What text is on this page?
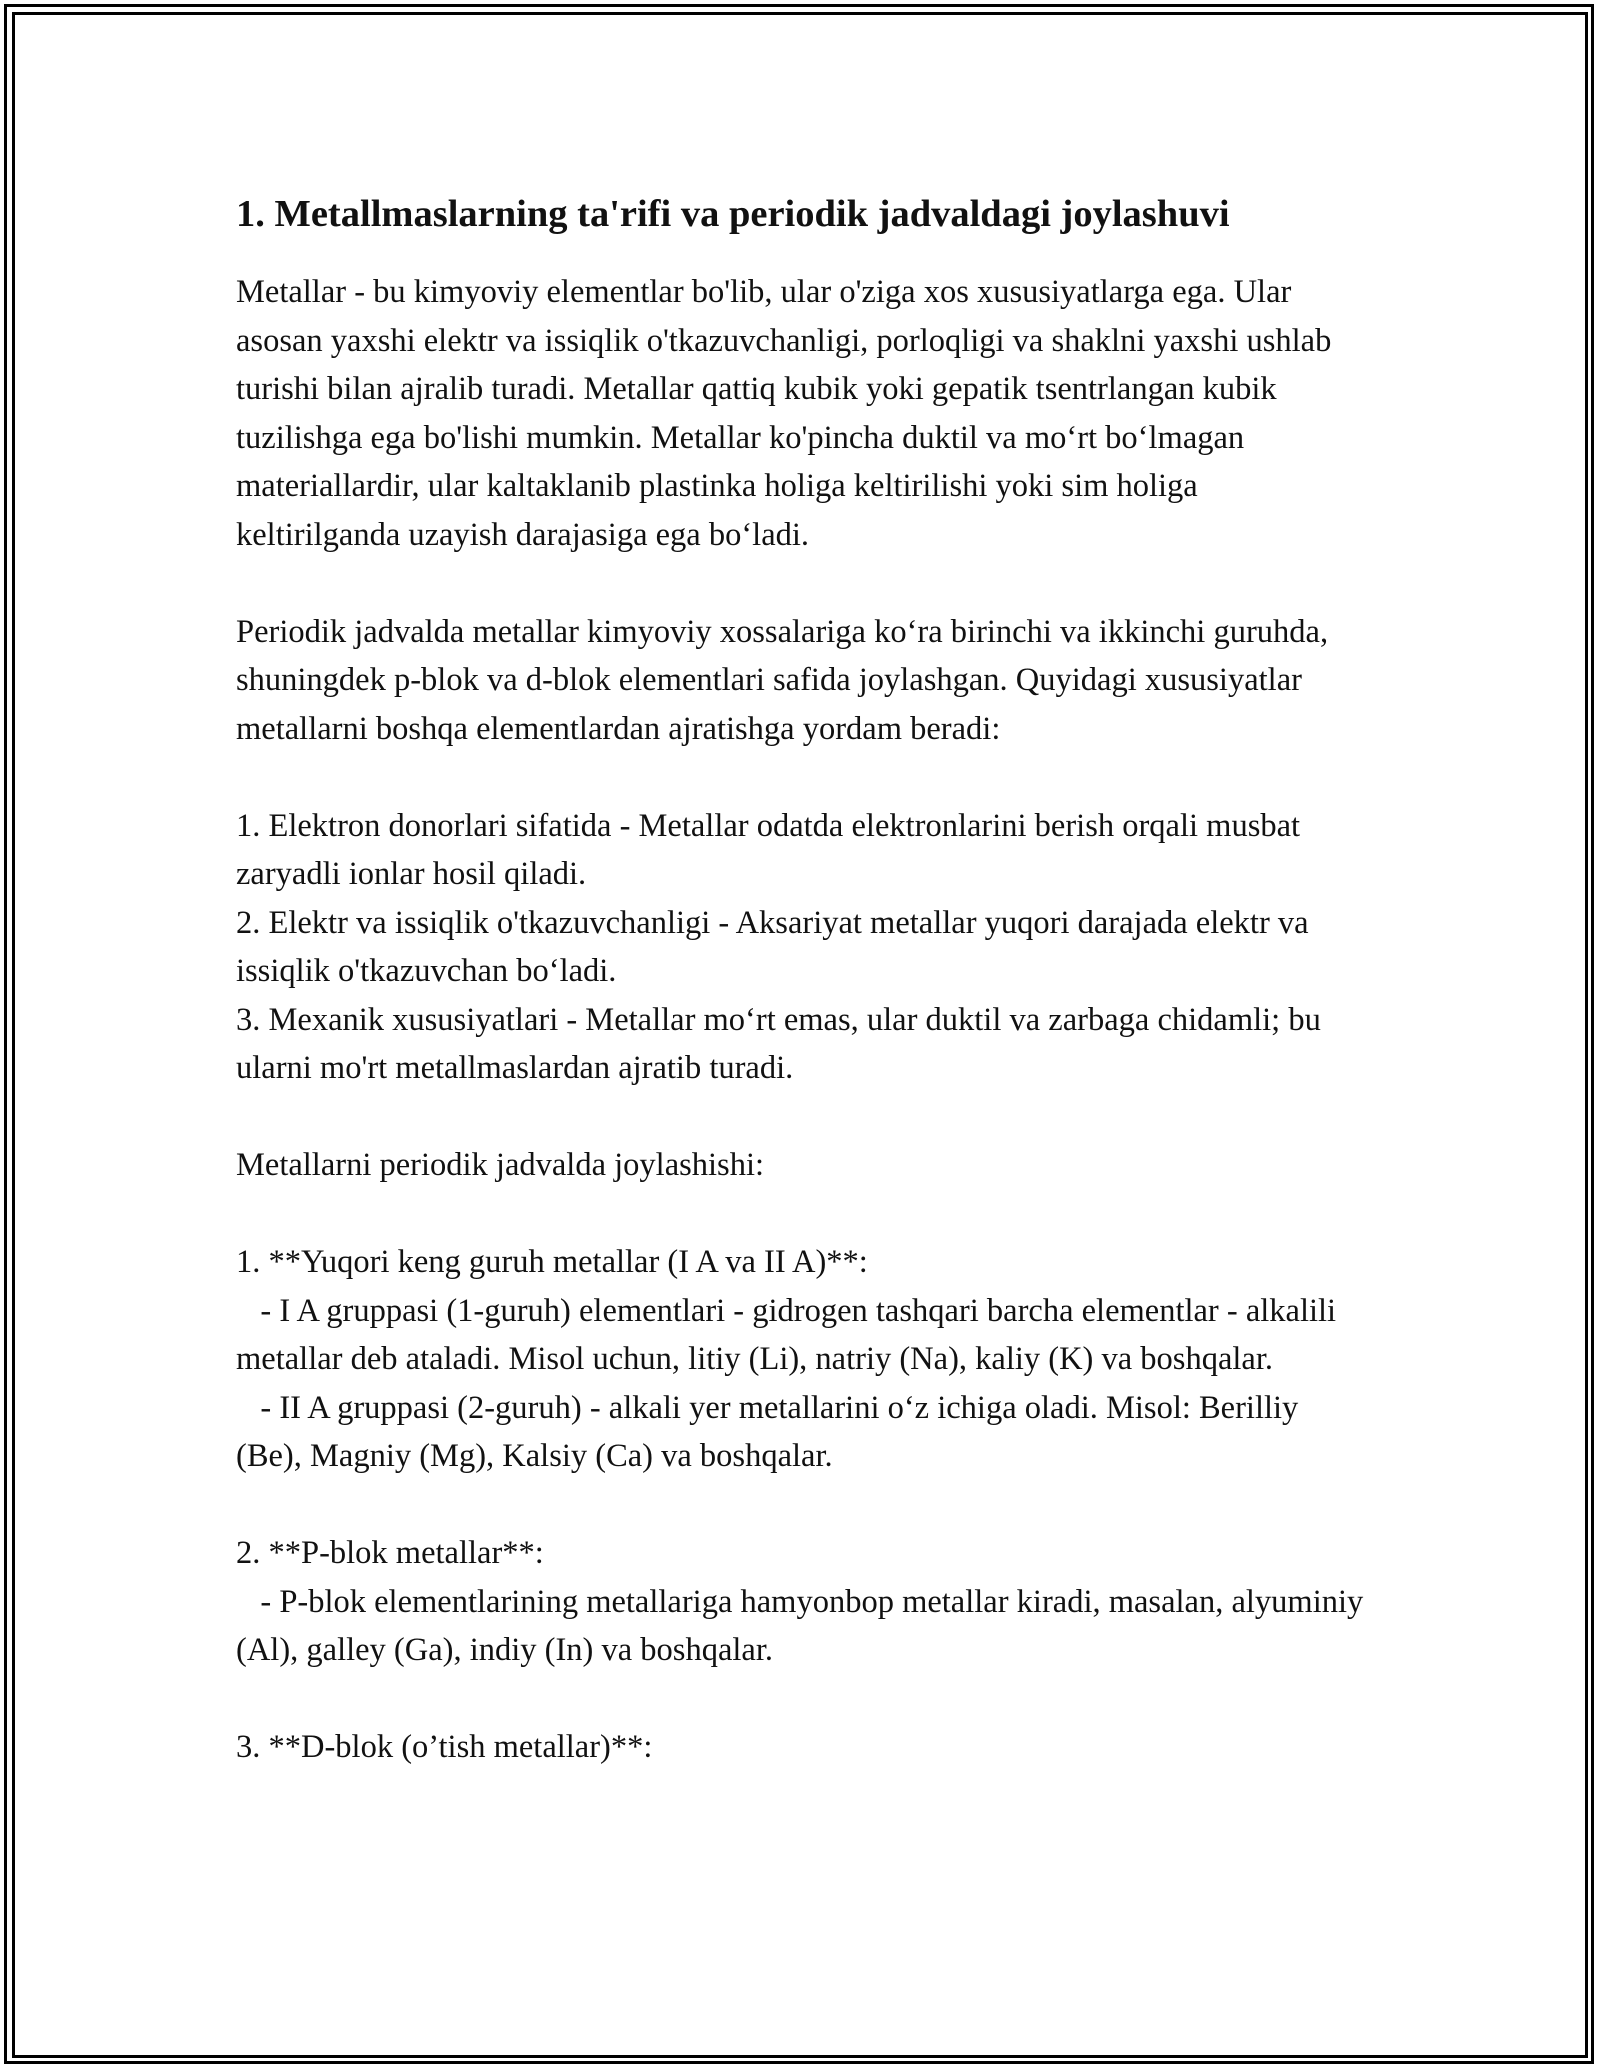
1. Metallmaslarning ta'rifi va periodik jadvaldagi joylashuvi

Metallar - bu kimyoviy elementlar bo'lib, ular o'ziga xos xususiyatlarga ega. Ular asosan yaxshi elektr va issiqlik o'tkazuvchanligi, porloqligi va shaklni yaxshi ushlab turishi bilan ajralib turadi. Metallar qattiq kubik yoki gepatik tsentrlangan kubik tuzilishga ega bo'lishi mumkin. Metallar ko'pincha duktil va mo‘rt bo‘lmagan materiallardir, ular kaltaklanib plastinka holiga keltirilishi yoki sim holiga keltirilganda uzayish darajasiga ega bo‘ladi.

Periodik jadvalda metallar kimyoviy xossalariga ko‘ra birinchi va ikkinchi guruhda, shuningdek p-blok va d-blok elementlari safida joylashgan. Quyidagi xususiyatlar metallarni boshqa elementlardan ajratishga yordam beradi:

1. Elektron donorlari sifatida - Metallar odatda elektronlarini berish orqali musbat zaryadli ionlar hosil qiladi.

2. Elektr va issiqlik o'tkazuvchanligi - Aksariyat metallar yuqori darajada elektr va issiqlik o'tkazuvchan bo‘ladi.

3. Mexanik xususiyatlari - Metallar mo‘rt emas, ular duktil va zarbaga chidamli; bu ularni mo'rt metallmaslardan ajratib turadi.

Metallarni periodik jadvalda joylashishi:

1. **Yuqori keng guruh metallar (I A va II A)**:

- I A gruppasi (1-guruh) elementlari - gidrogen tashqari barcha elementlar - alkalili metallar deb ataladi. Misol uchun, litiy (Li), natriy (Na), kaliy (K) va boshqalar.

- II A gruppasi (2-guruh) - alkali yer metallarini o‘z ichiga oladi. Misol: Berilliy (Be), Magniy (Mg), Kalsiy (Ca) va boshqalar.

2. **P-blok metallar**:

- P-blok elementlarining metallariga hamyonbop metallar kiradi, masalan, alyuminiy (Al), galley (Ga), indiy (In) va boshqalar.

3. **D-blok (o’tish metallar)**:
